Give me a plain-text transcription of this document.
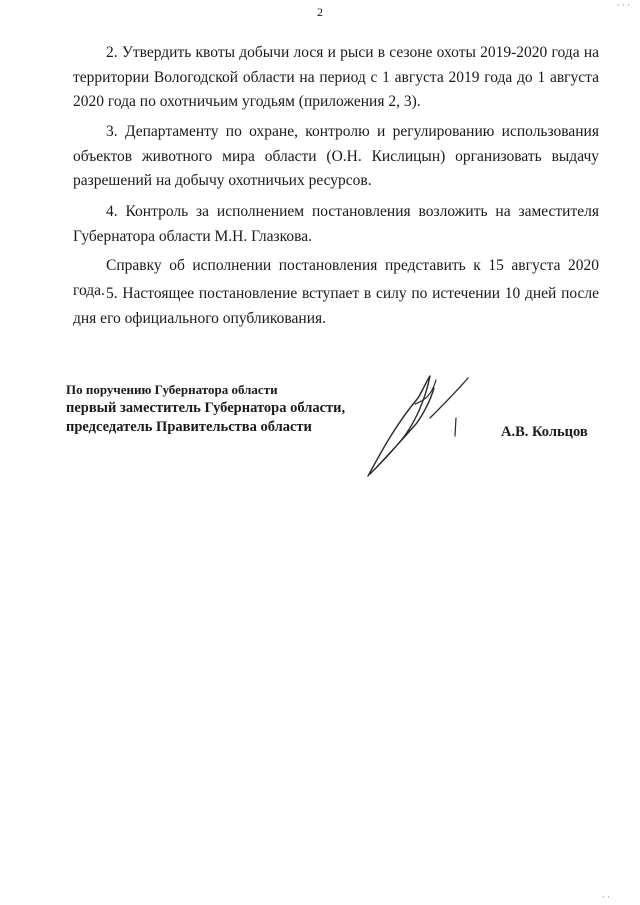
2

2. Утвердить квоты добычи лося и рыси в сезоне охоты 2019-2020 года на территории Вологодской области на период с 1 августа 2019 года до 1 августа 2020 года по охотничьим угодьям (приложения 2, 3).

3. Департаменту по охране, контролю и регулированию использования объектов животного мира области (О.Н. Кислицын) организовать выдачу разрешений на добычу охотничьих ресурсов.

4. Контроль за исполнением постановления возложить на заместителя Губернатора области М.Н. Глазкова.

Справку об исполнении постановления представить к 15 августа 2020 года. 5. Настоящее постановление вступает в силу по истечении 10 дней после дня его официального опубликования.

По поручению Губернатора области
первый заместитель Губернатора области,
председатель Правительства области	А.В. Кольцов
· · ·
· ·
